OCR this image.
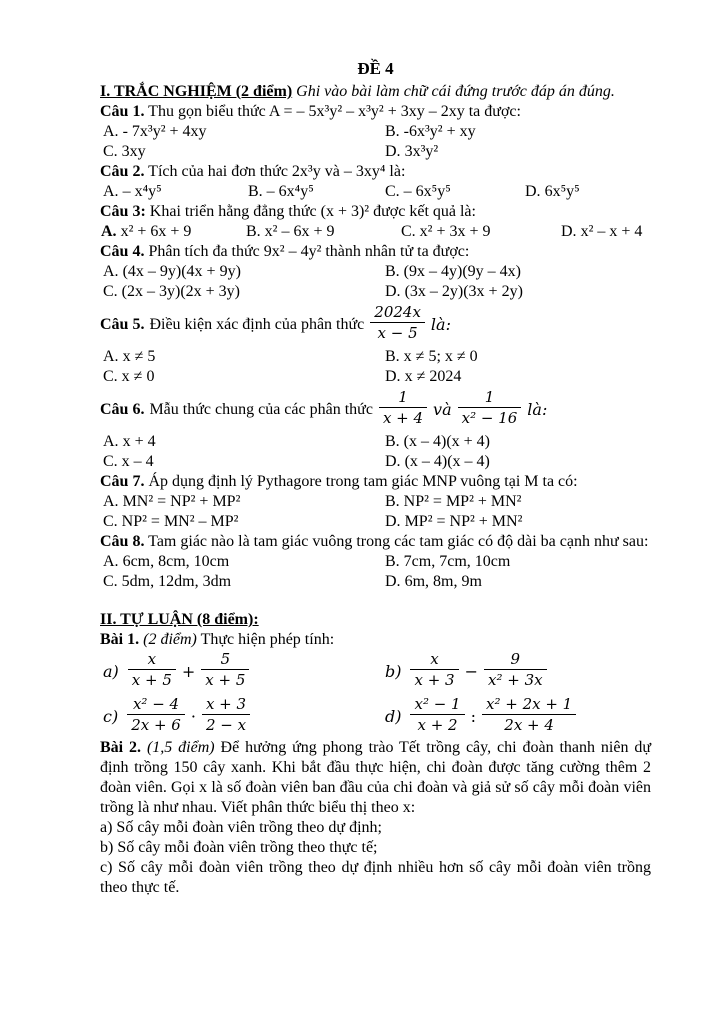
ĐỀ 4
I. TRẮC NGHIỆM (2 điểm) Ghi vào bài làm chữ cái đứng trước đáp án đúng.
Câu 1. Thu gọn biểu thức A = – 5x³y² – x³y² + 3xy – 2xy ta được:
A. - 7x³y² + 4xy	B. -6x³y² + xy
C. 3xy	D. 3x³y²
Câu 2. Tích của hai đơn thức 2x³y và – 3xy⁴ là:
A. – x⁴y⁵	B. – 6x⁴y⁵	C. – 6x⁵y⁵	D. 6x⁵y⁵
Câu 3: Khai triển hằng đẳng thức (x + 3)² được kết quả là:
A. x² + 6x + 9	B. x² – 6x + 9	C. x² + 3x + 9	D. x² – x + 4
Câu 4. Phân tích đa thức 9x² – 4y² thành nhân tử ta được:
A. (4x – 9y)(4x + 9y)	B. (9x – 4y)(9y – 4x)
C. (2x – 3y)(2x + 3y)	D. (3x – 2y)(3x + 2y)
Câu 5. Điều kiện xác định của phân thức $\frac{2024x}{x - 5}$ là:
A. x ≠ 5	B. x ≠ 5; x ≠ 0
C. x ≠ 0	D. x ≠ 2024
Câu 6. Mẫu thức chung của các phân thức $\frac{1}{x + 4}$ và $\frac{1}{\text{x² − 16}}$ là:
A. x + 4	B. (x – 4)(x + 4)
C. x – 4	D. (x – 4)(x – 4)
Câu 7. Áp dụng định lý Pythagore trong tam giác MNP vuông tại M ta có:
A. MN² = NP² + MP²	B. NP² = MP² + MN²
C. NP² = MN² – MP²	D. MP² = NP² + MN²
Câu 8. Tam giác nào là tam giác vuông trong các tam giác có độ dài ba cạnh như sau:
A. 6cm, 8cm, 10cm	B. 7cm, 7cm, 10cm
C. 5dm, 12dm, 3dm	D. 6m, 8m, 9m
II. TỰ LUẬN (8 điểm):
Bài 1. (2 điểm) Thực hiện phép tính:
$a) \frac{x}{x + 5} + \frac{5}{x + 5}$	$b) \frac{x}{x + 3} - \frac{9}{\text{x² + 3x}}$
$c) \frac{\text{x² − 4}}{2x + 6} \cdot \frac{x + 3}{2 - x}$	$d) \frac{\text{x² − 1}}{x + 2}$ : $\frac{\text{x² + 2x + 1}}{2x + 4}$
Bài 2. (1,5 điểm) Để hưởng ứng phong trào Tết trồng cây, chi đoàn thanh niên dự định trồng 150 cây xanh. Khi bắt đầu thực hiện, chi đoàn được tăng cường thêm 2 đoàn viên. Gọi x là số đoàn viên ban đầu của chi đoàn và giả sử số cây mỗi đoàn viên trồng là như nhau. Viết phân thức biểu thị theo x:
a) Số cây mỗi đoàn viên trồng theo dự định;
b) Số cây mỗi đoàn viên trồng theo thực tế;
c) Số cây mỗi đoàn viên trồng theo dự định nhiều hơn số cây mỗi đoàn viên trồng theo thực tế.
